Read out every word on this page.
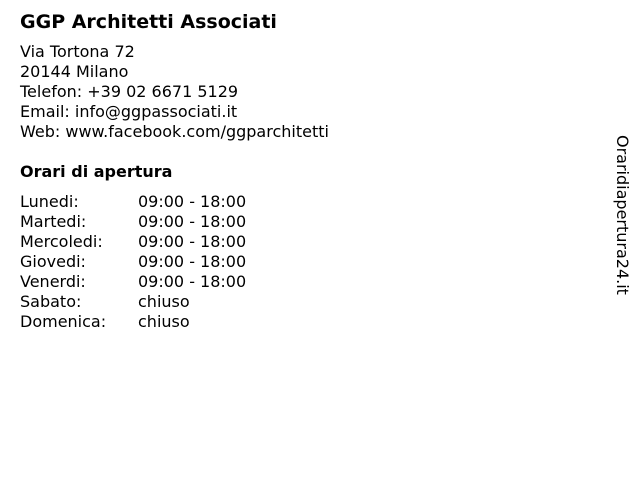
GGP Architetti Associati
Via Tortona 72
20144 Milano
Telefon: +39 02 6671 5129
Email: info@ggpassociati.it
Web: www.facebook.com/ggparchitetti
Orari di apertura
Lunedi:	09:00 - 18:00
Martedi:	09:00 - 18:00
Mercoledi:	09:00 - 18:00
Giovedi:	09:00 - 18:00
Venerdi:	09:00 - 18:00
Sabato:	chiuso
Domenica:	chiuso
Oraridiapertura24.it
